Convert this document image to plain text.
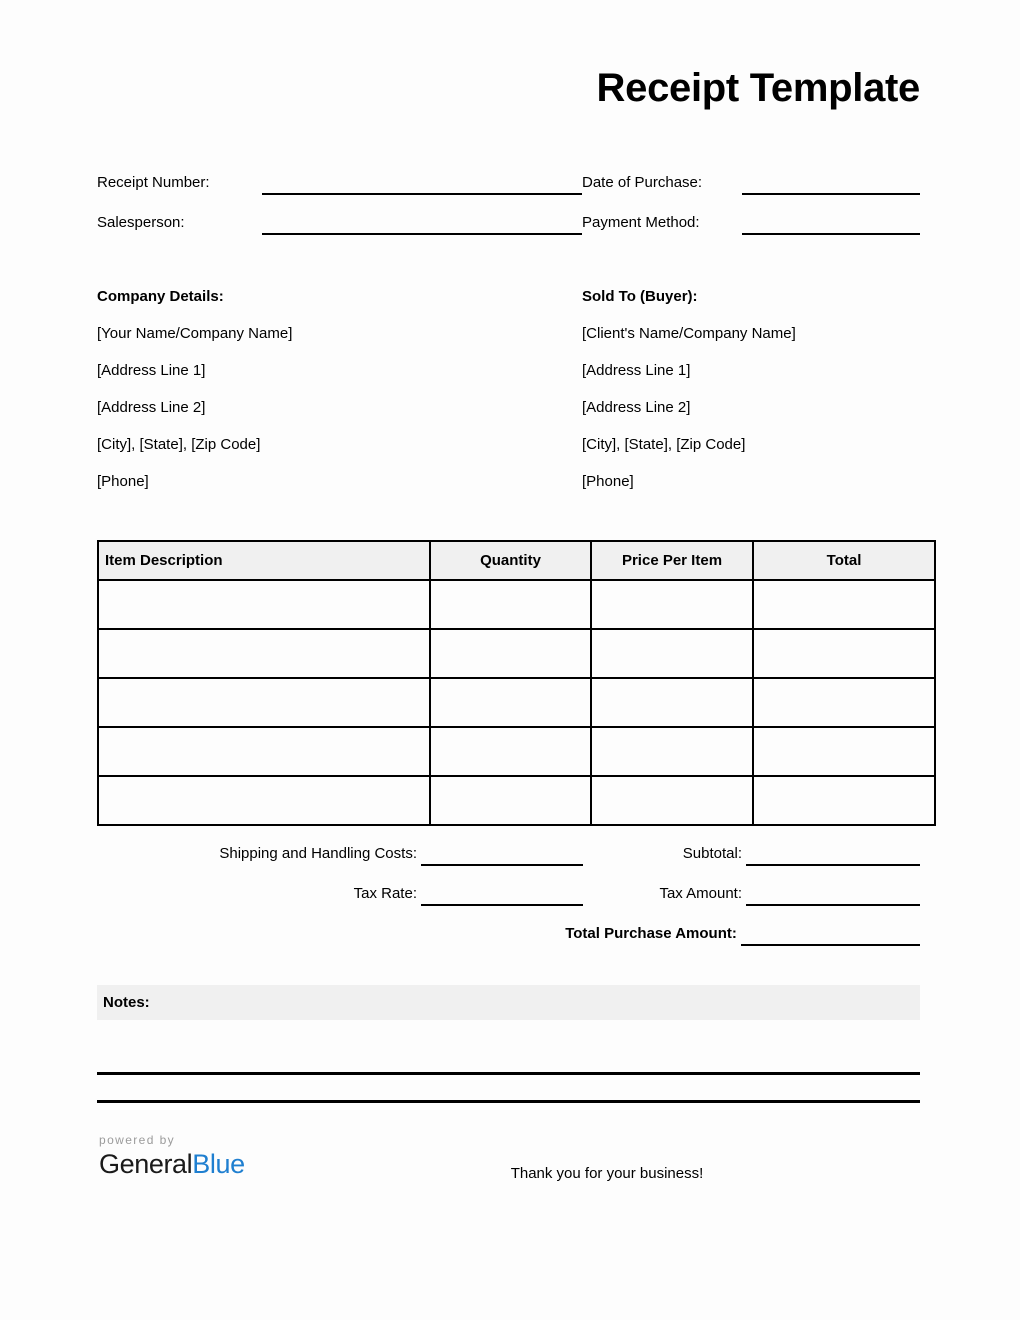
Receipt Template
Receipt Number:	Date of Purchase:
Salesperson:	Payment Method:
Company Details:
[Your Name/Company Name]
[Address Line 1]
[Address Line 2]
[City], [State], [Zip Code]
[Phone]
Sold To (Buyer):
[Client's Name/Company Name]
[Address Line 1]
[Address Line 2]
[City], [State], [Zip Code]
[Phone]
Item Description	Quantity	Price Per Item	Total

Shipping and Handling Costs:	Subtotal:
Tax Rate:	Tax Amount:
Total Purchase Amount:
Notes:
powered by
GeneralBlue	Thank you for your business!
